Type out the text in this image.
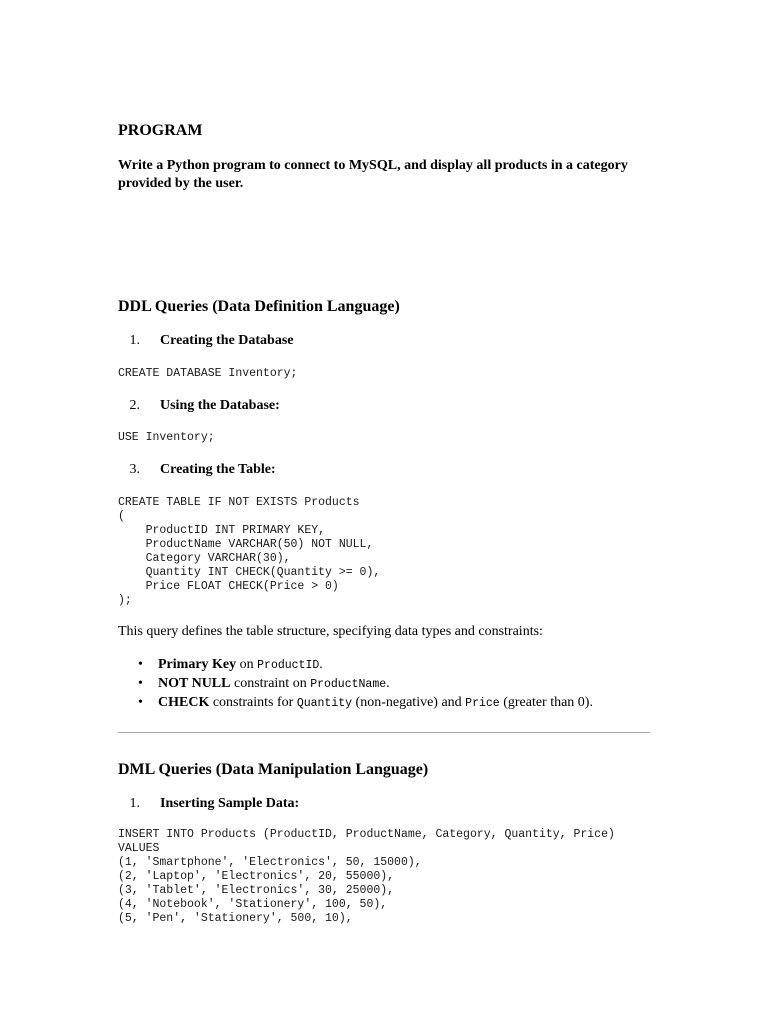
PROGRAM

Write a Python program to connect to MySQL, and display all products in a category provided by the user.

DDL Queries (Data Definition Language)
1. Creating the Database
CREATE DATABASE Inventory;
2. Using the Database:
USE Inventory;
3. Creating the Table:
CREATE TABLE IF NOT EXISTS Products
(
ProductID INT PRIMARY KEY,
ProductName VARCHAR(50) NOT NULL,
Category VARCHAR(30),
Quantity INT CHECK(Quantity >= 0),
Price FLOAT CHECK(Price > 0)
);

This query defines the table structure, specifying data types and constraints:

• Primary Key on ProductID.
• NOT NULL constraint on ProductName.
• CHECK constraints for Quantity (non-negative) and Price (greater than 0).
DML Queries (Data Manipulation Language)
1. Inserting Sample Data:
INSERT INTO Products (ProductID, ProductName, Category, Quantity, Price)
VALUES
(1, 'Smartphone', 'Electronics', 50, 15000),
(2, 'Laptop', 'Electronics', 20, 55000),
(3, 'Tablet', 'Electronics', 30, 25000),
(4, 'Notebook', 'Stationery', 100, 50),
(5, 'Pen', 'Stationery', 500, 10),
